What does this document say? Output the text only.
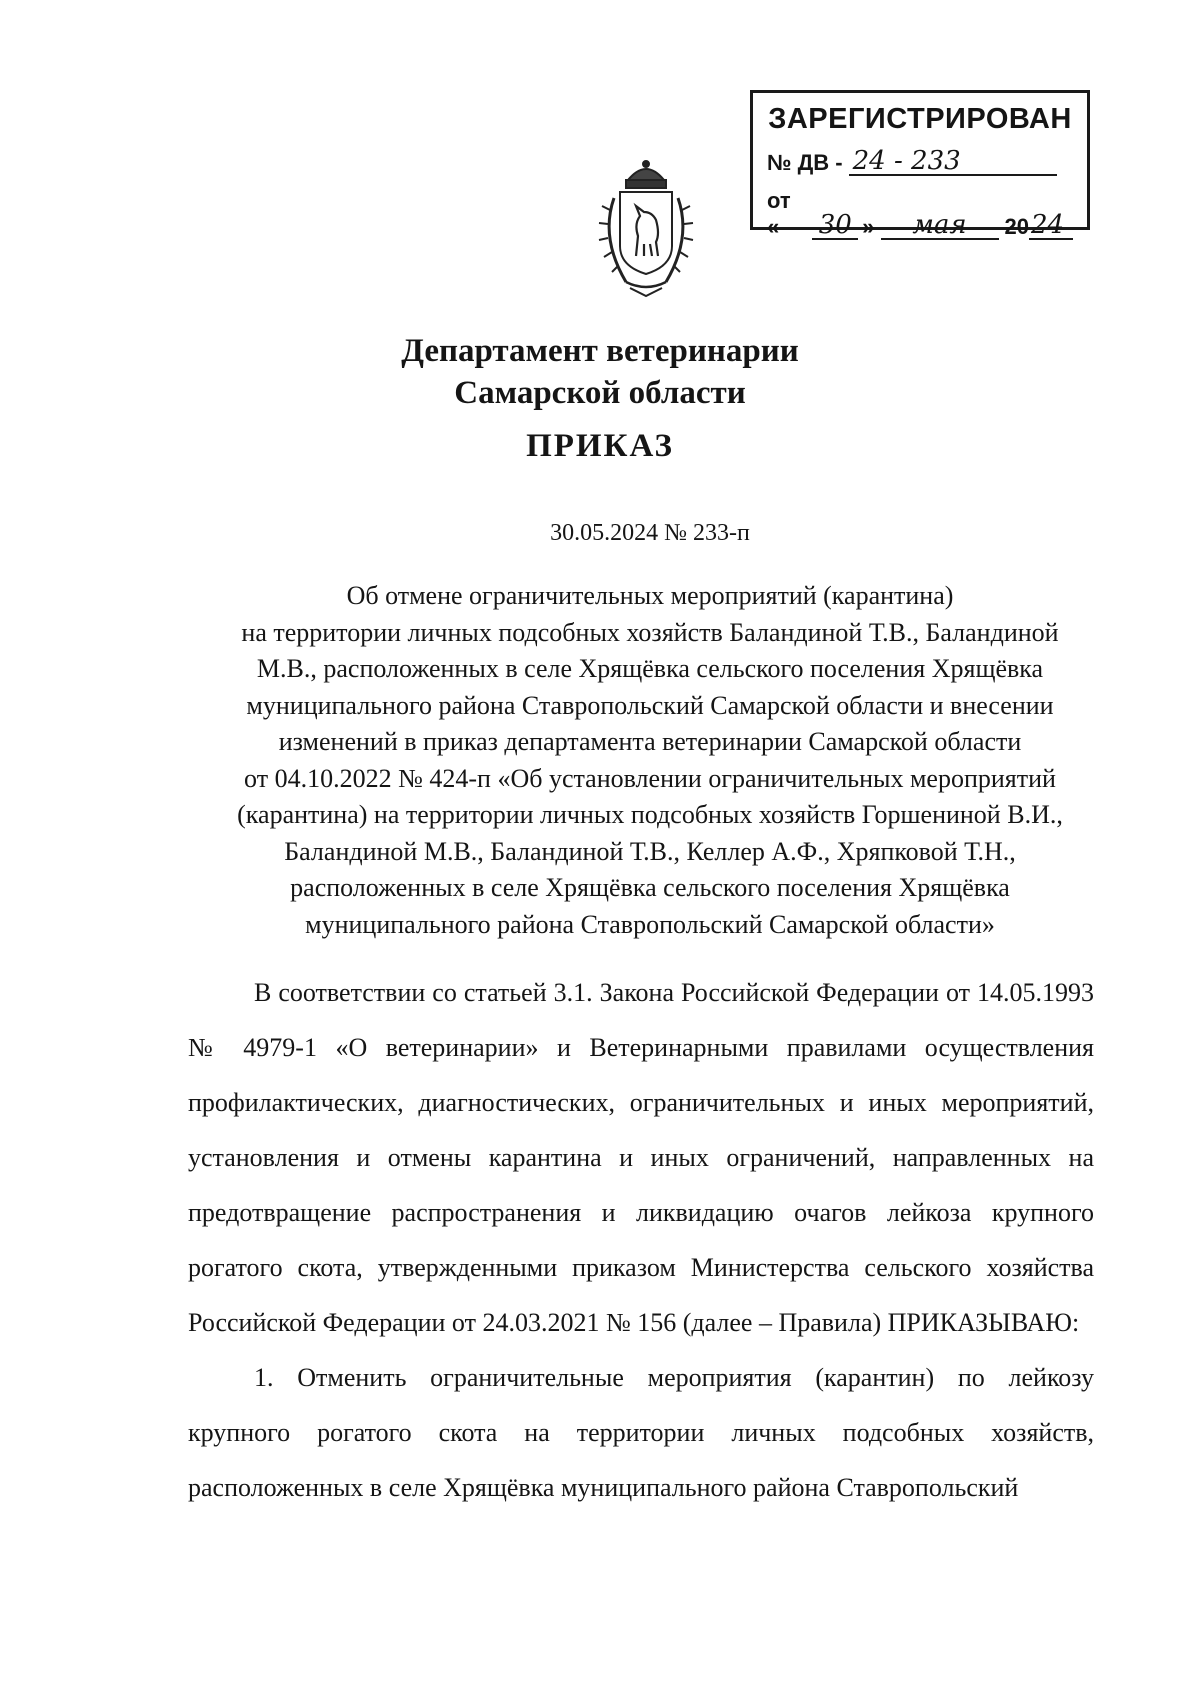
ЗАРЕГИСТРИРОВАН
№ ДВ - 24 - 233
от «	30 »	мая	20 24
Департамент ветеринарии
Самарской области
ПРИКАЗ
30.05.2024 № 233-п
Об отмене ограничительных мероприятий (карантина)
на территории личных подсобных хозяйств Баландиной Т.В., Баландиной
М.В., расположенных в селе Хрящёвка сельского поселения Хрящёвка
муниципального района Ставропольский Самарской области и внесении
изменений в приказ департамента ветеринарии Самарской области
от 04.10.2022 № 424-п «Об установлении ограничительных мероприятий
(карантина) на территории личных подсобных хозяйств Горшениной В.И.,
Баландиной М.В., Баландиной Т.В., Келлер А.Ф., Хряпковой Т.Н.,
расположенных в селе Хрящёвка сельского поселения Хрящёвка
муниципального района Ставропольский Самарской области»

В соответствии со статьей 3.1. Закона Российской Федерации от 14.05.1993 № 4979-1 «О ветеринарии» и Ветеринарными правилами осуществления профилактических, диагностических, ограничительных и иных мероприятий, установления и отмены карантина и иных ограничений, направленных на предотвращение распространения и ликвидацию очагов лейкоза крупного рогатого скота, утвержденными приказом Министерства сельского хозяйства Российской Федерации от 24.03.2021 № 156 (далее – Правила) ПРИКАЗЫВАЮ:

1. Отменить ограничительные мероприятия (карантин) по лейкозу крупного рогатого скота на территории личных подсобных хозяйств, расположенных в селе Хрящёвка муниципального района Ставропольский
